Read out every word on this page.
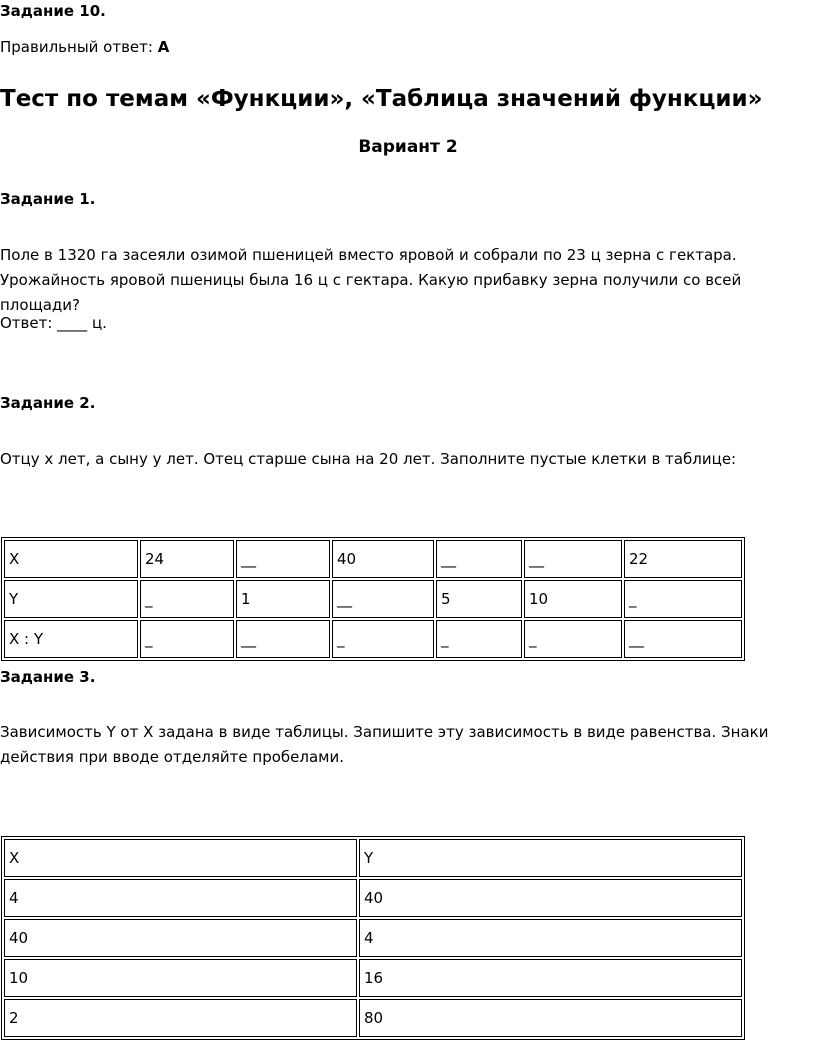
Задание 10.
Правильный ответ: А
Тест по темам «Функции», «Таблица значений функции»
Вариант 2
Задание 1.
Поле в 1320 га засеяли озимой пшеницей вместо яровой и собрали по 23 ц зерна с гектара. Урожайность яровой пшеницы была 16 ц с гектара. Какую прибавку зерна получили со всей площади?
Ответ: ____ ц.
Задание 2.
Отцу х лет, а сыну у лет. Отец старше сына на 20 лет. Заполните пустые клетки в таблице:
X	24	__	40	__	__	22
Y	_	1	__	5	10	_
X : Y	_	__	_	_	_	__
Задание 3.
Зависимость Y от X задана в виде таблицы. Запишите эту зависимость в виде равенства. Знаки действия при вводе отделяйте пробелами.
X	Y
4	40
40	4
10	16
2	80
